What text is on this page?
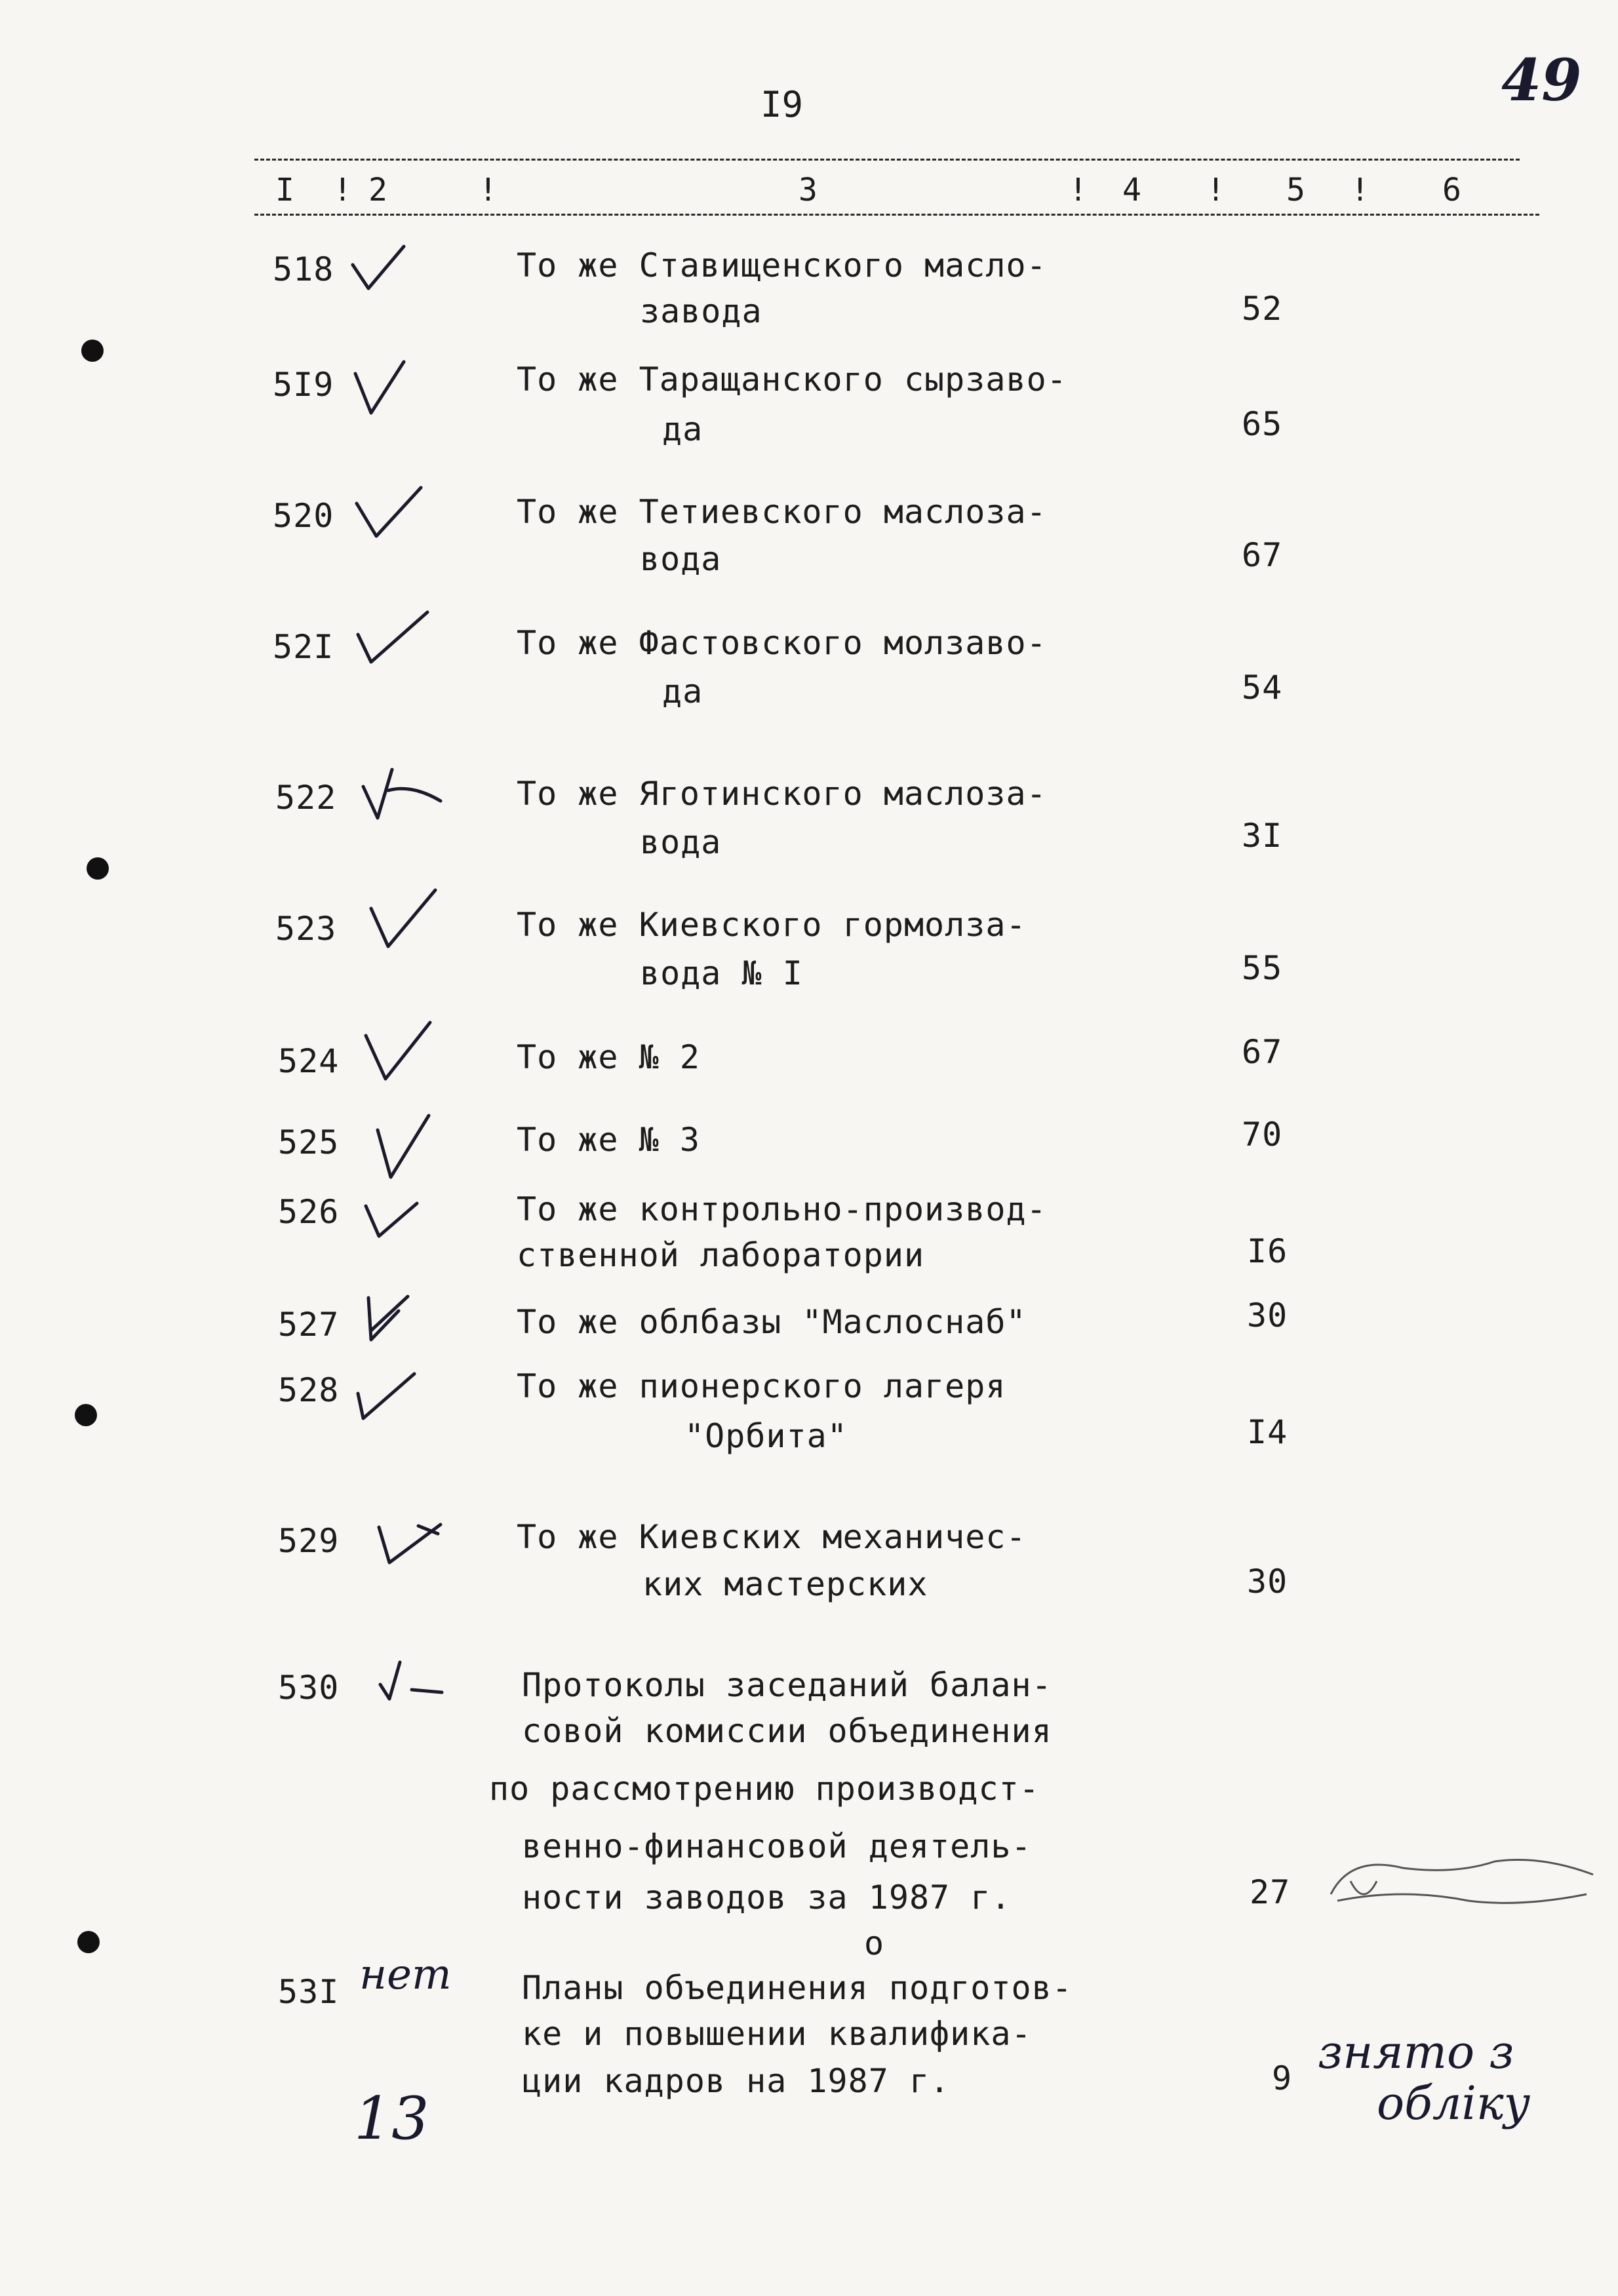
I9	49
I ! 2	!	3	! 4 ! 5 ! 6
518	То же Ставищенского масло-
завода	52
5I9	То же Таращанского сырзаво-
да	65
520	То же Тетиевского маслоза-
вода	67
52I	То же Фастовского молзаво-
да	54
522	То же Яготинского маслоза-
вода	3I
523	То же Киевского гормолза-
вода № I	55
524	То же № 2	67
525	То же № 3	70
526	То же контрольно-производ-
ственной лаборатории	I6
527	То же облбазы "Маслоснаб"	30
528	То же пионерского лагеря
"Орбита"	I4
529	То же Киевских механичес-
ких мастерских	30
530	Протоколы заседаний балан-
совой комиссии объединения
по рассмотрению производст-
венно-финансовой деятель-
ности заводов за 1987 г.	27
о
53I нет Планы объединения подготов-
ке и повышении квалифика-
ции кадров на 1987 г.	9
13
знято з
обліку
